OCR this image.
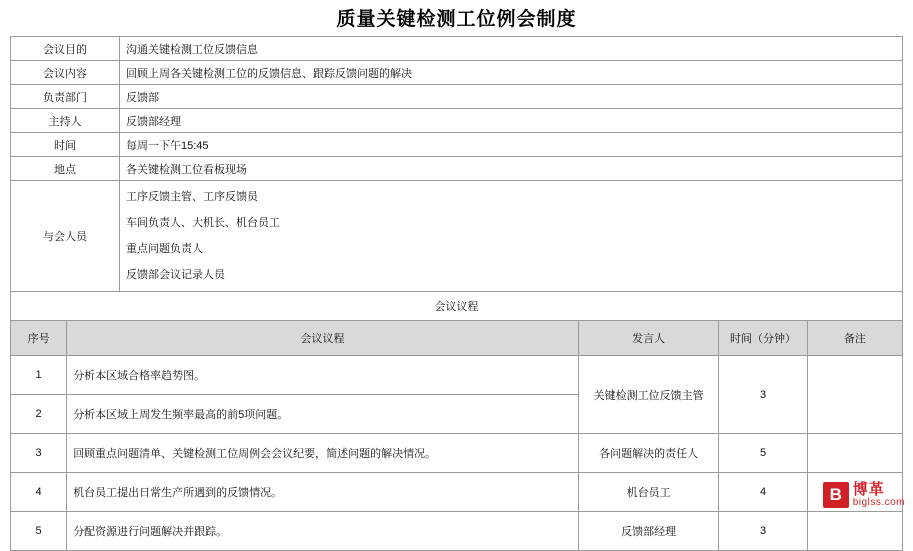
质量关键检测工位例会制度
会议目的	沟通关键检测工位反馈信息
会议内容	回顾上周各关键检测工位的反馈信息、跟踪反馈问题的解决
负责部门	反馈部
主持人	反馈部经理
时间	每周一下午15:45
地点	各关键检测工位看板现场
与会人员	工序反馈主管、工序反馈员
车间负责人、大机长、机台员工
重点问题负责人
反馈部会议记录人员

会议议程	
序号	会议议程	发言人	时间（分钟）	备注
1	分析本区域合格率趋势图。	关键检测工位反馈主管	3	
2	分析本区域上周发生频率最高的前5项问题。			
3	回顾重点问题清单、关键检测工位周例会会议纪要，简述问题的解决情况。	各问题解决的责任人	5	
4	机台员工提出日常生产所遇到的反馈情况。	机台员工	4	
5	分配资源进行问题解决并跟踪。	反馈部经理	3	
B 博革
biglss.com
